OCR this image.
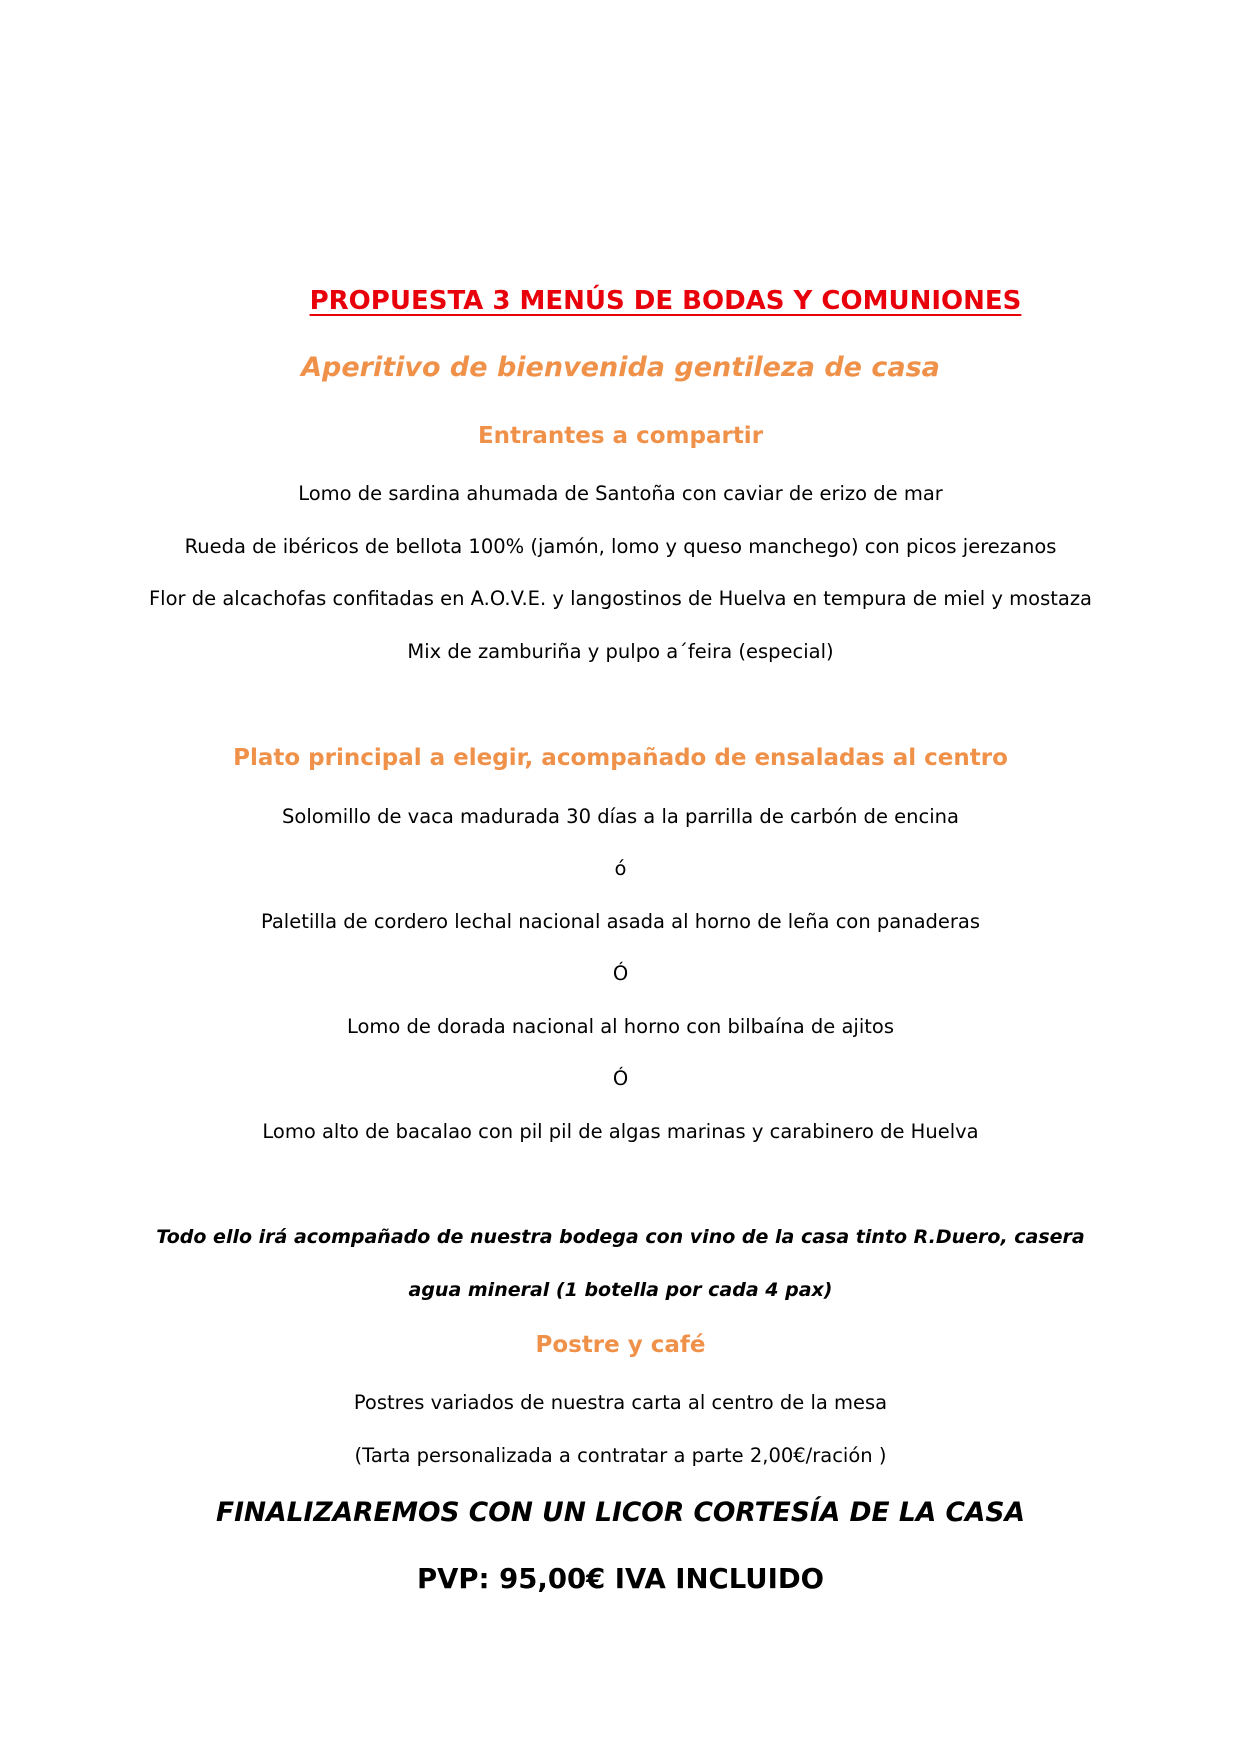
PROPUESTA 3 MENÚS DE BODAS Y COMUNIONES
Aperitivo de bienvenida gentileza de casa
Entrantes a compartir
Lomo de sardina ahumada de Santoña con caviar de erizo de mar
Rueda de ibéricos de bellota 100% (jamón, lomo y queso manchego) con picos jerezanos
Flor de alcachofas confitadas en A.O.V.E. y langostinos de Huelva en tempura de miel y mostaza
Mix de zamburiña y pulpo a´feira (especial)
Plato principal a elegir, acompañado de ensaladas al centro
Solomillo de vaca madurada 30 días a la parrilla de carbón de encina
ó
Paletilla de cordero lechal nacional asada al horno de leña con panaderas
Ó
Lomo de dorada nacional al horno con bilbaína de ajitos
Ó
Lomo alto de bacalao con pil pil de algas marinas y carabinero de Huelva
Todo ello irá acompañado de nuestra bodega con vino de la casa tinto R.Duero, casera
agua mineral (1 botella por cada 4 pax)
Postre y café
Postres variados de nuestra carta al centro de la mesa
(Tarta personalizada a contratar a parte 2,00€/ración )
FINALIZAREMOS CON UN LICOR CORTESÍA DE LA CASA
PVP: 95,00€ IVA INCLUIDO
